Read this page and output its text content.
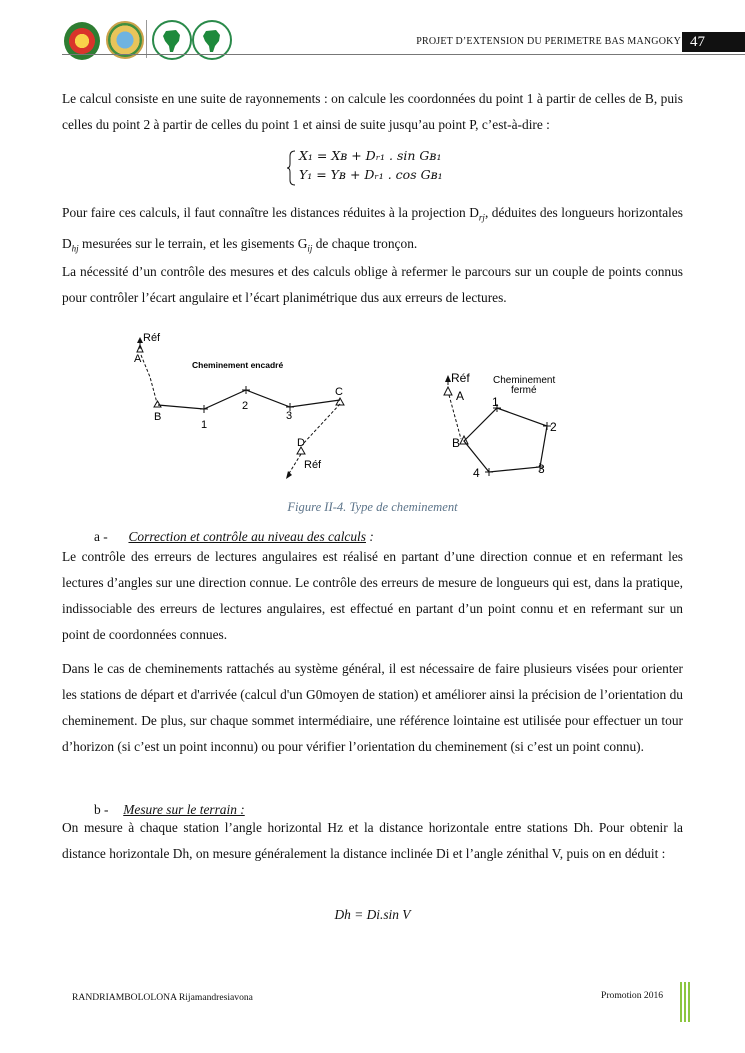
PROJET D’EXTENSION DU PERIMETRE BAS MANGOKY 47

Le calcul consiste en une suite de rayonnements : on calcule les coordonnées du point 1 à partir de celles de B, puis celles du point 2 à partir de celles du point 1 et ainsi de suite jusqu’au point P, c’est-à-dire :

X₁ = Xʙ + Dᵣ₁ . sin Gʙ₁
Y₁ = Yʙ + Dᵣ₁ . cos Gʙ₁

Pour faire ces calculs, il faut connaître les distances réduites à la projection $D_{rj}$, déduites des longueurs horizontales $D_{hj}$ mesurées sur le terrain, et les gisements $G_{ij}$ de chaque tronçon.

La nécessité d’un contrôle des mesures et des calculs oblige à refermer le parcours sur un couple de points connus pour contrôler l’écart angulaire et l’écart planimétrique dus aux erreurs de lectures.

Réf
A
B
1
2
3
C
D
Réf
Cheminement encadré
Réf
A
B
1
2
3
4
Cheminement
fermé
Figure II-4. Type de cheminement
a - Correction et contrôle au niveau des calculs :

Le contrôle des erreurs de lectures angulaires est réalisé en partant d’une direction connue et en refermant les lectures d’angles sur une direction connue. Le contrôle des erreurs de mesure de longueurs qui est, dans la pratique, indissociable des erreurs de lectures angulaires, est effectué en partant d’un point connu et en refermant sur un point de coordonnées connues.

Dans le cas de cheminements rattachés au système général, il est nécessaire de faire plusieurs visées pour orienter les stations de départ et d'arrivée (calcul d'un G0moyen de station) et améliorer ainsi la précision de l’orientation du cheminement. De plus, sur chaque sommet intermédiaire, une référence lointaine est utilisée pour effectuer un tour d’horizon (si c’est un point inconnu) ou pour vérifier l’orientation du cheminement (si c’est un point connu).

b - Mesure sur le terrain :

On mesure à chaque station l’angle horizontal Hz et la distance horizontale entre stations Dh. Pour obtenir la distance horizontale Dh, on mesure généralement la distance inclinée Di et l’angle zénithal V, puis on en déduit :

Dh = Di.sin V
RANDRIAMBOLOLONA Rijamandresiavona	Promotion 2016
